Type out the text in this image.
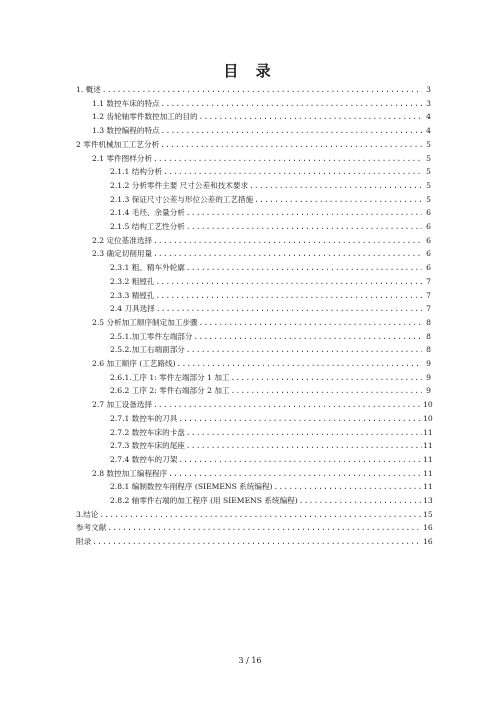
目 录
1. 概述 .....	3
1.1 数控车床的特点 .....	3
1.2 齿轮轴零件数控加工的目的 .....	4
1.3 数控编程的特点 .....	4
2 零件机械加工工艺分析 .....	5
2.1 零件图样分析 .....	5
2.1.1 结构分析 .....	5
2.1.2 分析零件主要 尺寸公差和技术要求 .....	5
2.1.3 保证尺寸公差与形位公差的工艺措施 .....	5
2.1.4 毛坯、余量分析 .....	6
2.1.5 结构工艺性分析 .....	6
2.2 定位基准选择 .....	6
2.3 确定切削用量 .....	6
2.3.1 粗、精车外轮廓 .....	6
2.3.2 粗镗孔 .....	7
2.3.3 精镗孔 .....	7
2.4 刀具选择 .....	7
2.5 分析加工顺序制定加工步骤 .....	8
2.5.1.加工零件左端部分 .....	8
2.5.2.加工右端面部分 .....	8
2.6 加工顺序 (工艺路线) .....	9
2.6.1.工序 1: 零件左端部分 1 加工 .....	9
2.6.2 工序 2: 零件右端部分 2 加工 .....	9
2.7 加工设备选择 .....	10
2.7.1 数控车的刀具 .....	10
2.7.2 数控车床的卡盘 .....	11
2.7.3 数控车床的尾座 .....	11
2.7.4 数控车的刀架 .....	11
2.8 数控加工编程程序 .....	11
2.8.1 编制数控车削程序 (SIEMENS 系统编程) .....	11
2.8.2 轴零件右端的加工程序 (用 SIEMENS 系统编程) .....	13
3.结论 .....	15
参考文献 .....	16
附录 .....	16
3 / 16
